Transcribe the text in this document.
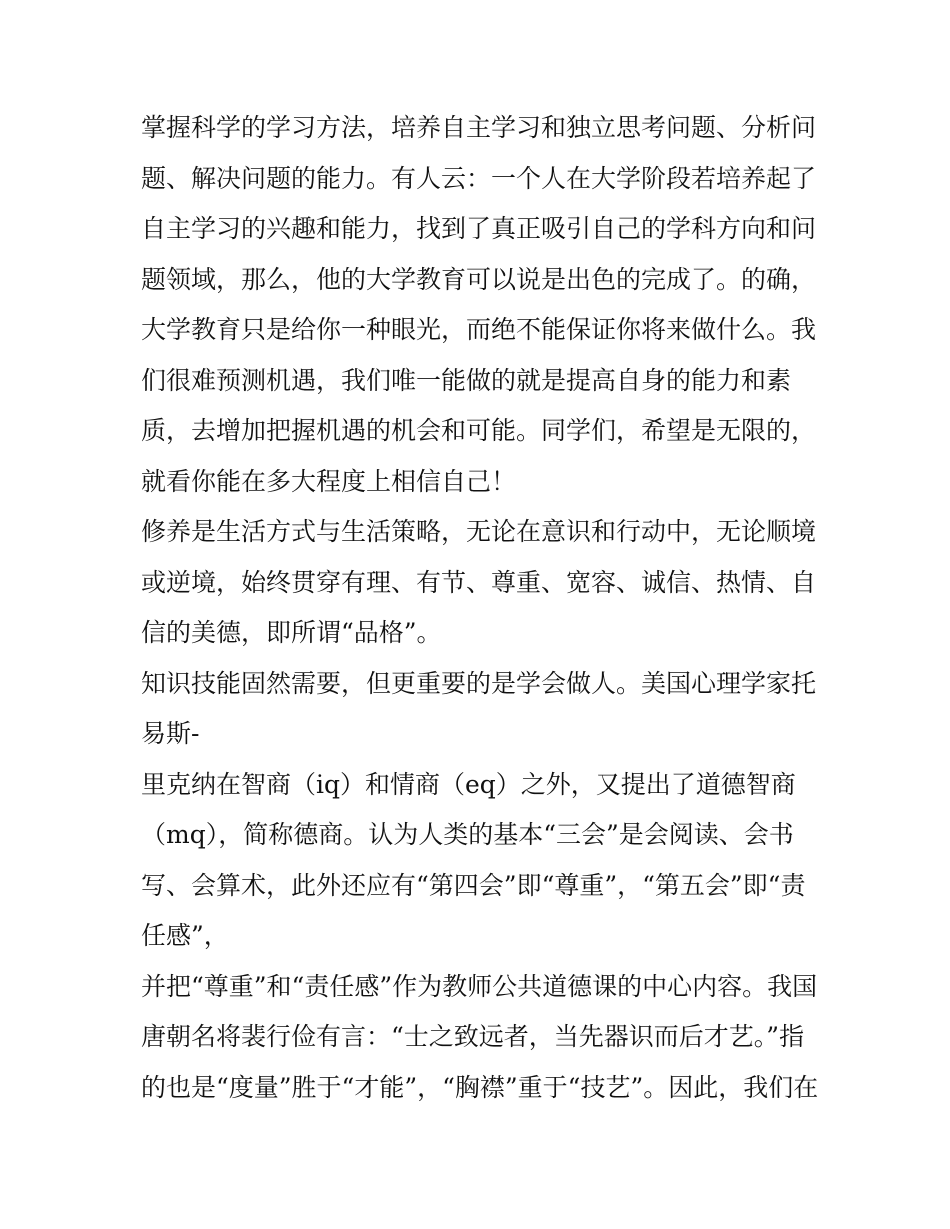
掌握科学的学习方法，培养自主学习和独立思考问题、分析问
题、解决问题的能力。有人云：一个人在大学阶段若培养起了
自主学习的兴趣和能力，找到了真正吸引自己的学科方向和问
题领域，那么，他的大学教育可以说是出色的完成了。的确，
大学教育只是给你一种眼光，而绝不能保证你将来做什么。我
们很难预测机遇，我们唯一能做的就是提高自身的能力和素
质，去增加把握机遇的机会和可能。同学们，希望是无限的，
就看你能在多大程度上相信自己！
修养是生活方式与生活策略，无论在意识和行动中，无论顺境
或逆境，始终贯穿有理、有节、尊重、宽容、诚信、热情、自
信的美德，即所谓“品格”。
知识技能固然需要，但更重要的是学会做人。美国心理学家托
易斯-
里克纳在智商（iq）和情商（eq）之外，又提出了道德智商
（mq），简称德商。认为人类的基本“三会”是会阅读、会书
写、会算术，此外还应有“第四会”即“尊重”，“第五会”即“责
任感”，
并把“尊重”和“责任感”作为教师公共道德课的中心内容。我国
唐朝名将裴行俭有言：“士之致远者，当先器识而后才艺。”指
的也是“度量”胜于“才能”，“胸襟”重于“技艺”。因此，我们在
